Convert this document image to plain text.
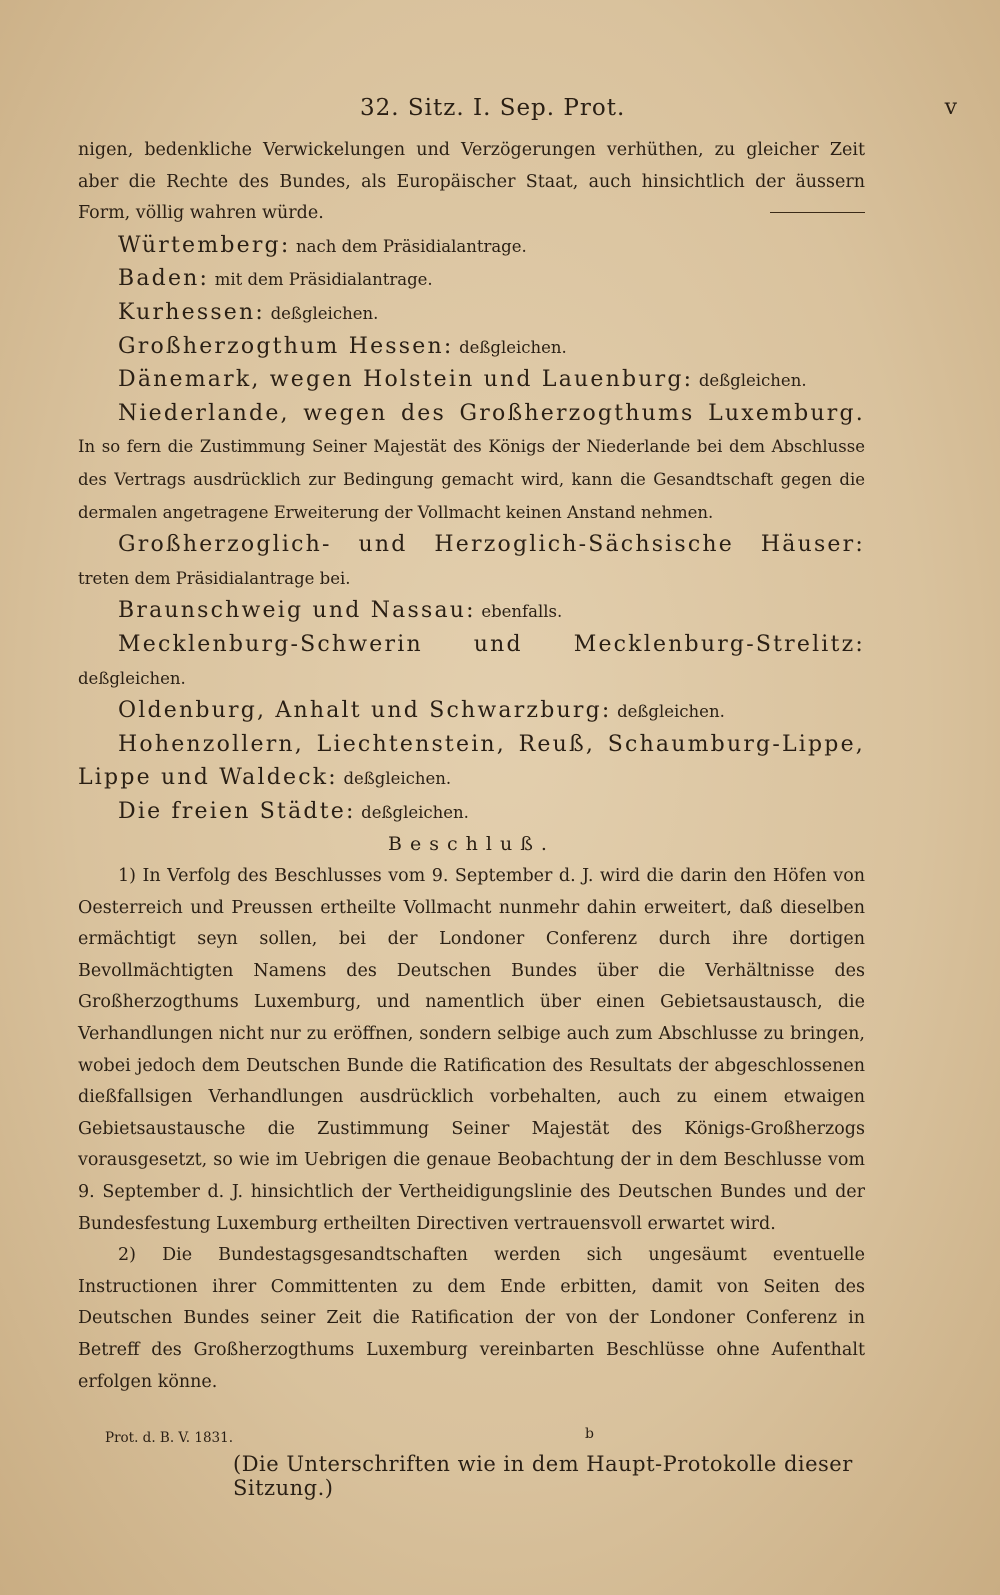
32. Sitz. I. Sep. Prot.	v

nigen, bedenkliche Verwickelungen und Verzögerungen verhüthen, zu gleicher Zeit aber die Rechte des Bundes, als Europäischer Staat, auch hinsichtlich der äussern Form, völlig wahren würde.

Würtemberg: nach dem Präsidialantrage.

Baden: mit dem Präsidialantrage.

Kurhessen: deßgleichen.

Großherzogthum Hessen: deßgleichen.

Dänemark, wegen Holstein und Lauenburg: deßgleichen.

Niederlande, wegen des Großherzogthums Luxemburg. In so fern die Zustimmung Seiner Majestät des Königs der Niederlande bei dem Abschlusse des Vertrags ausdrücklich zur Bedingung gemacht wird, kann die Gesandtschaft gegen die dermalen angetragene Erweiterung der Vollmacht keinen Anstand nehmen.

Großherzoglich- und Herzoglich-Sächsische Häuser: treten dem Präsidialantrage bei.

Braunschweig und Nassau: ebenfalls.

Mecklenburg-Schwerin und Mecklenburg-Strelitz: deßgleichen.

Oldenburg, Anhalt und Schwarzburg: deßgleichen.

Hohenzollern, Liechtenstein, Reuß, Schaumburg-Lippe, Lippe und Waldeck: deßgleichen.

Die freien Städte: deßgleichen.

Beschluß.

1) In Verfolg des Beschlusses vom 9. September d. J. wird die darin den Höfen von Oesterreich und Preussen ertheilte Vollmacht nunmehr dahin erweitert, daß dieselben ermächtigt seyn sollen, bei der Londoner Conferenz durch ihre dortigen Bevollmächtigten Namens des Deutschen Bundes über die Verhältnisse des Großherzogthums Luxemburg, und namentlich über einen Gebietsaustausch, die Verhandlungen nicht nur zu eröffnen, sondern selbige auch zum Abschlusse zu bringen, wobei jedoch dem Deutschen Bunde die Ratification des Resultats der abgeschlossenen dießfallsigen Verhandlungen ausdrücklich vorbehalten, auch zu einem etwaigen Gebietsaustausche die Zustimmung Seiner Majestät des Königs-Großherzogs vorausgesetzt, so wie im Uebrigen die genaue Beobachtung der in dem Beschlusse vom 9. September d. J. hinsichtlich der Vertheidigungslinie des Deutschen Bundes und der Bundesfestung Luxemburg ertheilten Directiven vertrauensvoll erwartet wird.

2) Die Bundestagsgesandtschaften werden sich ungesäumt eventuelle Instructionen ihrer Committenten zu dem Ende erbitten, damit von Seiten des Deutschen Bundes seiner Zeit die Ratification der von der Londoner Conferenz in Betreff des Großherzogthums Luxemburg vereinbarten Beschlüsse ohne Aufenthalt erfolgen könne.

(Die Unterschriften wie in dem Haupt-Protokolle dieser Sitzung.)
Prot. d. B. V. 1831.	b
